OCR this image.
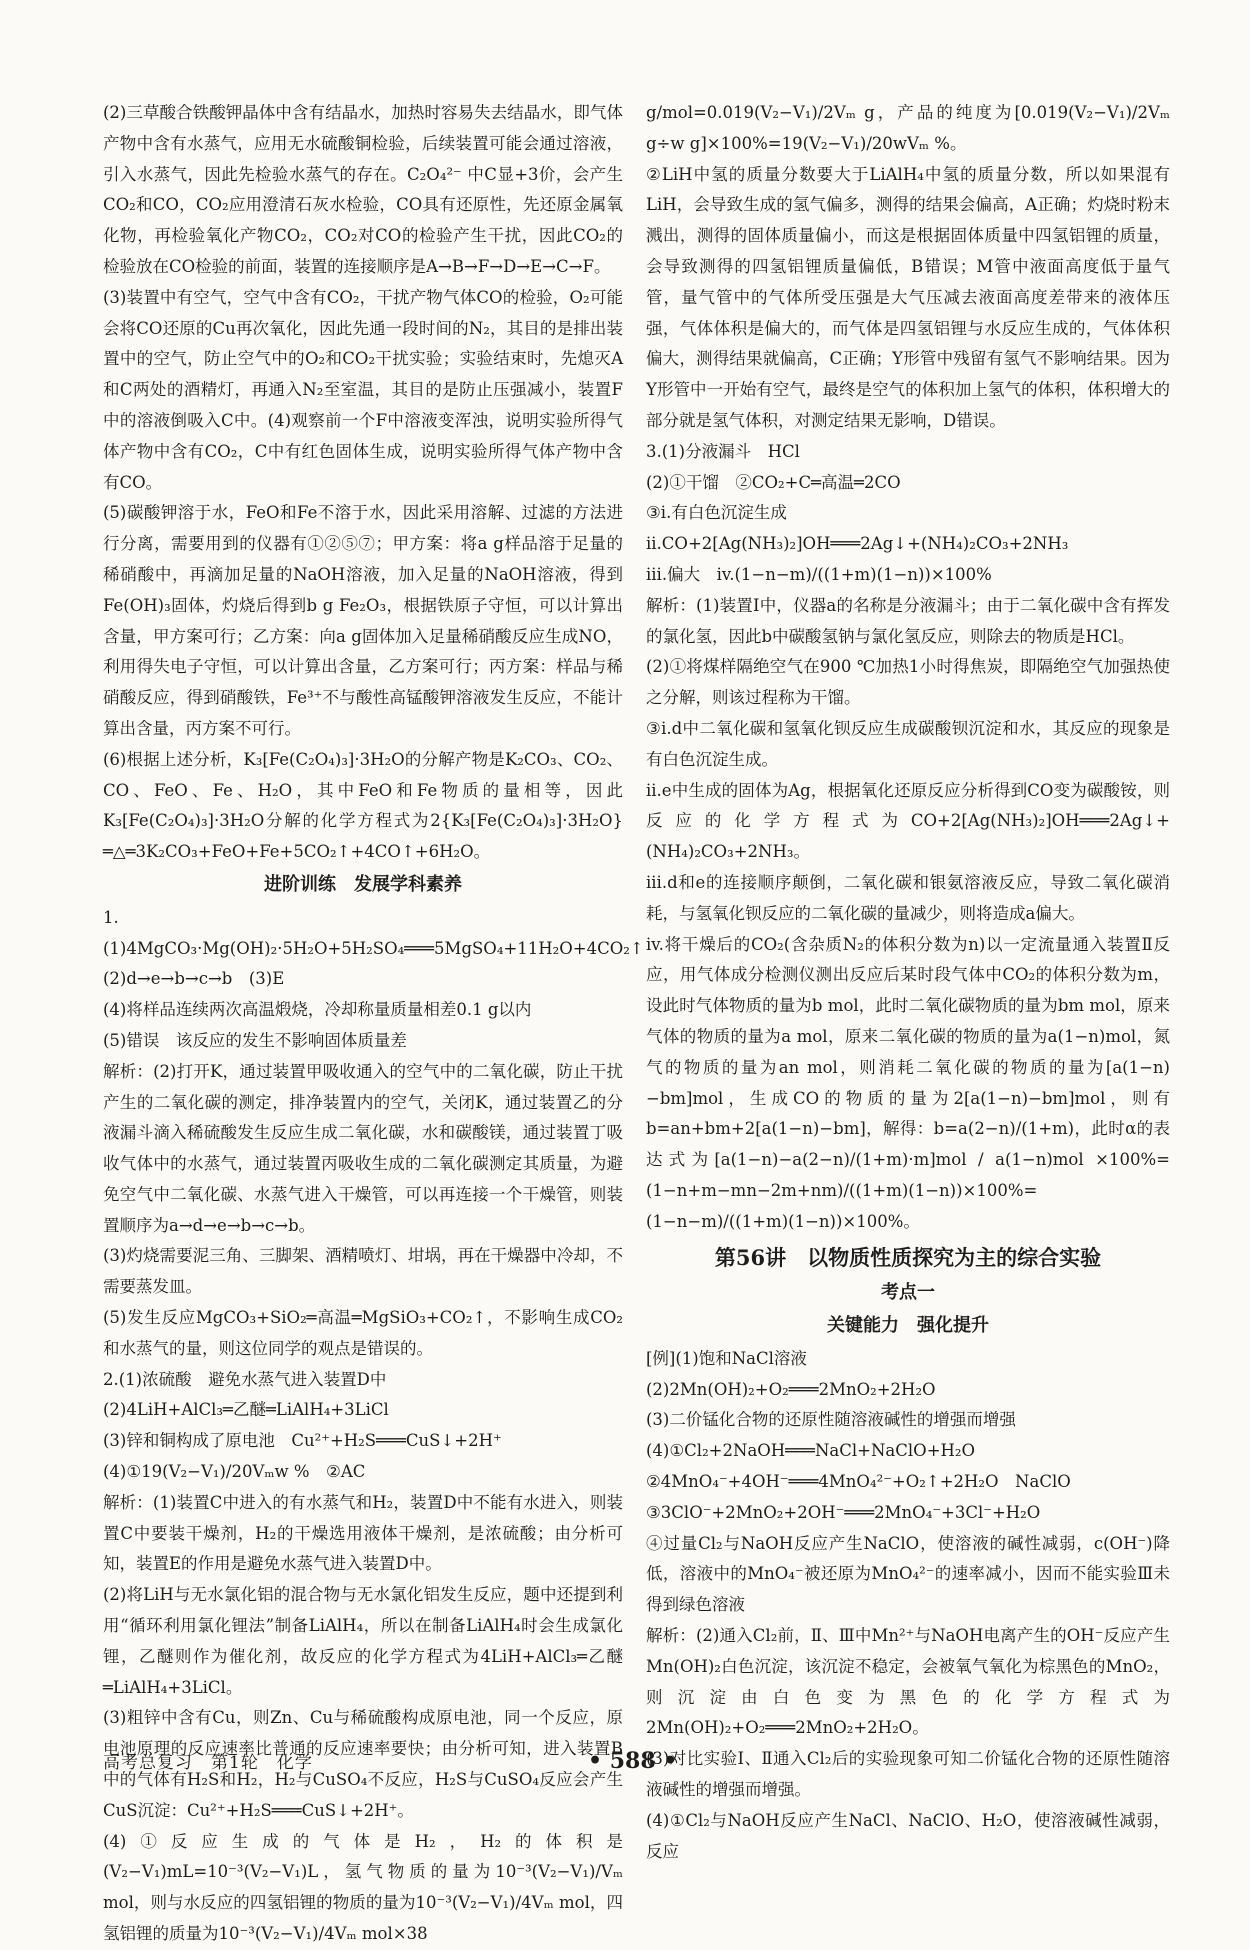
(2)三草酸合铁酸钾晶体中含有结晶水，加热时容易失去结晶水，即气体产物中含有水蒸气，应用无水硫酸铜检验，后续装置可能会通过溶液，引入水蒸气，因此先检验水蒸气的存在。C₂O₄²⁻ 中C显+3价，会产生CO₂和CO，CO₂应用澄清石灰水检验，CO具有还原性，先还原金属氧化物，再检验氧化产物CO₂，CO₂对CO的检验产生干扰，因此CO₂的检验放在CO检验的前面，装置的连接顺序是A→B→F→D→E→C→F。

(3)装置中有空气，空气中含有CO₂，干扰产物气体CO的检验，O₂可能会将CO还原的Cu再次氧化，因此先通一段时间的N₂，其目的是排出装置中的空气，防止空气中的O₂和CO₂干扰实验；实验结束时，先熄灭A和C两处的酒精灯，再通入N₂至室温，其目的是防止压强减小，装置F中的溶液倒吸入C中。(4)观察前一个F中溶液变浑浊，说明实验所得气体产物中含有CO₂，C中有红色固体生成，说明实验所得气体产物中含有CO。

(5)碳酸钾溶于水，FeO和Fe不溶于水，因此采用溶解、过滤的方法进行分离，需要用到的仪器有①②⑤⑦；甲方案：将a g样品溶于足量的稀硝酸中，再滴加足量的NaOH溶液，加入足量的NaOH溶液，得到Fe(OH)₃固体，灼烧后得到b g Fe₂O₃，根据铁原子守恒，可以计算出含量，甲方案可行；乙方案：向a g固体加入足量稀硝酸反应生成NO，利用得失电子守恒，可以计算出含量，乙方案可行；丙方案：样品与稀硝酸反应，得到硝酸铁，Fe³⁺不与酸性高锰酸钾溶液发生反应，不能计算出含量，丙方案不可行。

(6)根据上述分析，K₃[Fe(C₂O₄)₃]·3H₂O的分解产物是K₂CO₃、CO₂、CO、FeO、Fe、H₂O，其中FeO和Fe物质的量相等，因此K₃[Fe(C₂O₄)₃]·3H₂O分解的化学方程式为2{K₃[Fe(C₂O₄)₃]·3H₂O}═△═3K₂CO₃+FeO+Fe+5CO₂↑+4CO↑+6H₂O。

进阶训练　发展学科素养

1.(1)4MgCO₃·Mg(OH)₂·5H₂O+5H₂SO₄═══5MgSO₄+11H₂O+4CO₂↑

(2)d→e→b→c→b　(3)E

(4)将样品连续两次高温煅烧，冷却称量质量相差0.1 g以内

(5)错误　该反应的发生不影响固体质量差

解析：(2)打开K，通过装置甲吸收通入的空气中的二氧化碳，防止干扰产生的二氧化碳的测定，排净装置内的空气，关闭K，通过装置乙的分液漏斗滴入稀硫酸发生反应生成二氧化碳，水和碳酸镁，通过装置丁吸收气体中的水蒸气，通过装置丙吸收生成的二氧化碳测定其质量，为避免空气中二氧化碳、水蒸气进入干燥管，可以再连接一个干燥管，则装置顺序为a→d→e→b→c→b。

(3)灼烧需要泥三角、三脚架、酒精喷灯、坩埚，再在干燥器中冷却，不需要蒸发皿。

(5)发生反应MgCO₃+SiO₂═高温═MgSiO₃+CO₂↑，不影响生成CO₂和水蒸气的量，则这位同学的观点是错误的。

2.(1)浓硫酸　避免水蒸气进入装置D中

(2)4LiH+AlCl₃═乙醚═LiAlH₄+3LiCl

(3)锌和铜构成了原电池　Cu²⁺+H₂S═══CuS↓+2H⁺

(4)①19(V₂−V₁)/20Vₘw %　②AC

解析：(1)装置C中进入的有水蒸气和H₂，装置D中不能有水进入，则装置C中要装干燥剂，H₂的干燥选用液体干燥剂，是浓硫酸；由分析可知，装置E的作用是避免水蒸气进入装置D中。

(2)将LiH与无水氯化铝的混合物与无水氯化铝发生反应，题中还提到利用“循环利用氯化锂法”制备LiAlH₄，所以在制备LiAlH₄时会生成氯化锂，乙醚则作为催化剂，故反应的化学方程式为4LiH+AlCl₃═乙醚═LiAlH₄+3LiCl。

(3)粗锌中含有Cu，则Zn、Cu与稀硫酸构成原电池，同一个反应，原电池原理的反应速率比普通的反应速率要快；由分析可知，进入装置B中的气体有H₂S和H₂，H₂与CuSO₄不反应，H₂S与CuSO₄反应会产生CuS沉淀：Cu²⁺+H₂S═══CuS↓+2H⁺。

(4)①反应生成的气体是H₂，H₂的体积是(V₂−V₁)mL=10⁻³(V₂−V₁)L，氢气物质的量为10⁻³(V₂−V₁)/Vₘ mol，则与水反应的四氢铝锂的物质的量为10⁻³(V₂−V₁)/4Vₘ mol，四氢铝锂的质量为10⁻³(V₂−V₁)/4Vₘ mol×38

g/mol=0.019(V₂−V₁)/2Vₘ g，产品的纯度为[0.019(V₂−V₁)/2Vₘ g÷w g]×100%=19(V₂−V₁)/20wVₘ %。

②LiH中氢的质量分数要大于LiAlH₄中氢的质量分数，所以如果混有LiH，会导致生成的氢气偏多，测得的结果会偏高，A正确；灼烧时粉末溅出，测得的固体质量偏小，而这是根据固体质量中四氢铝锂的质量，会导致测得的四氢铝锂质量偏低，B错误；M管中液面高度低于量气管，量气管中的气体所受压强是大气压减去液面高度差带来的液体压强，气体体积是偏大的，而气体是四氢铝锂与水反应生成的，气体体积偏大，测得结果就偏高，C正确；Y形管中残留有氢气不影响结果。因为Y形管中一开始有空气，最终是空气的体积加上氢气的体积，体积增大的部分就是氢气体积，对测定结果无影响，D错误。

3.(1)分液漏斗　HCl

(2)①干馏　②CO₂+C═高温═2CO

③i.有白色沉淀生成

ii.CO+2[Ag(NH₃)₂]OH═══2Ag↓+(NH₄)₂CO₃+2NH₃

iii.偏大　iv.(1−n−m)/((1+m)(1−n))×100%

解析：(1)装置Ⅰ中，仪器a的名称是分液漏斗；由于二氧化碳中含有挥发的氯化氢，因此b中碳酸氢钠与氯化氢反应，则除去的物质是HCl。

(2)①将煤样隔绝空气在900 ℃加热1小时得焦炭，即隔绝空气加强热使之分解，则该过程称为干馏。

③i.d中二氧化碳和氢氧化钡反应生成碳酸钡沉淀和水，其反应的现象是有白色沉淀生成。

ii.e中生成的固体为Ag，根据氧化还原反应分析得到CO变为碳酸铵，则反应的化学方程式为CO+2[Ag(NH₃)₂]OH═══2Ag↓+(NH₄)₂CO₃+2NH₃。

iii.d和e的连接顺序颠倒，二氧化碳和银氨溶液反应，导致二氧化碳消耗，与氢氧化钡反应的二氧化碳的量减少，则将造成a偏大。

iv.将干燥后的CO₂(含杂质N₂的体积分数为n)以一定流量通入装置Ⅱ反应，用气体成分检测仪测出反应后某时段气体中CO₂的体积分数为m，设此时气体物质的量为b mol，此时二氧化碳物质的量为bm mol，原来气体的物质的量为a mol，原来二氧化碳的物质的量为a(1−n)mol，氮气的物质的量为an mol，则消耗二氧化碳的物质的量为[a(1−n)−bm]mol，生成CO的物质的量为2[a(1−n)−bm]mol，则有b=an+bm+2[a(1−n)−bm]，解得：b=a(2−n)/(1+m)，此时α的表达式为[a(1−n)−a(2−n)/(1+m)·m]mol / a(1−n)mol ×100%=(1−n+m−mn−2m+nm)/((1+m)(1−n))×100%=(1−n−m)/((1+m)(1−n))×100%。

第56讲　以物质性质探究为主的综合实验
考点一
关键能力　强化提升

[例](1)饱和NaCl溶液

(2)2Mn(OH)₂+O₂═══2MnO₂+2H₂O

(3)二价锰化合物的还原性随溶液碱性的增强而增强

(4)①Cl₂+2NaOH═══NaCl+NaClO+H₂O

②4MnO₄⁻+4OH⁻═══4MnO₄²⁻+O₂↑+2H₂O　NaClO

③3ClO⁻+2MnO₂+2OH⁻═══2MnO₄⁻+3Cl⁻+H₂O

④过量Cl₂与NaOH反应产生NaClO，使溶液的碱性减弱，c(OH⁻)降低，溶液中的MnO₄⁻被还原为MnO₄²⁻的速率减小，因而不能实验Ⅲ未得到绿色溶液

解析：(2)通入Cl₂前，Ⅱ、Ⅲ中Mn²⁺与NaOH电离产生的OH⁻反应产生Mn(OH)₂白色沉淀，该沉淀不稳定，会被氧气氧化为棕黑色的MnO₂，则沉淀由白色变为黑色的化学方程式为2Mn(OH)₂+O₂═══2MnO₂+2H₂O。

(3)对比实验Ⅰ、Ⅱ通入Cl₂后的实验现象可知二价锰化合物的还原性随溶液碱性的增强而增强。

(4)①Cl₂与NaOH反应产生NaCl、NaClO、H₂O，使溶液碱性减弱，反应

高考总复习　第1轮　化学	• 588 •
